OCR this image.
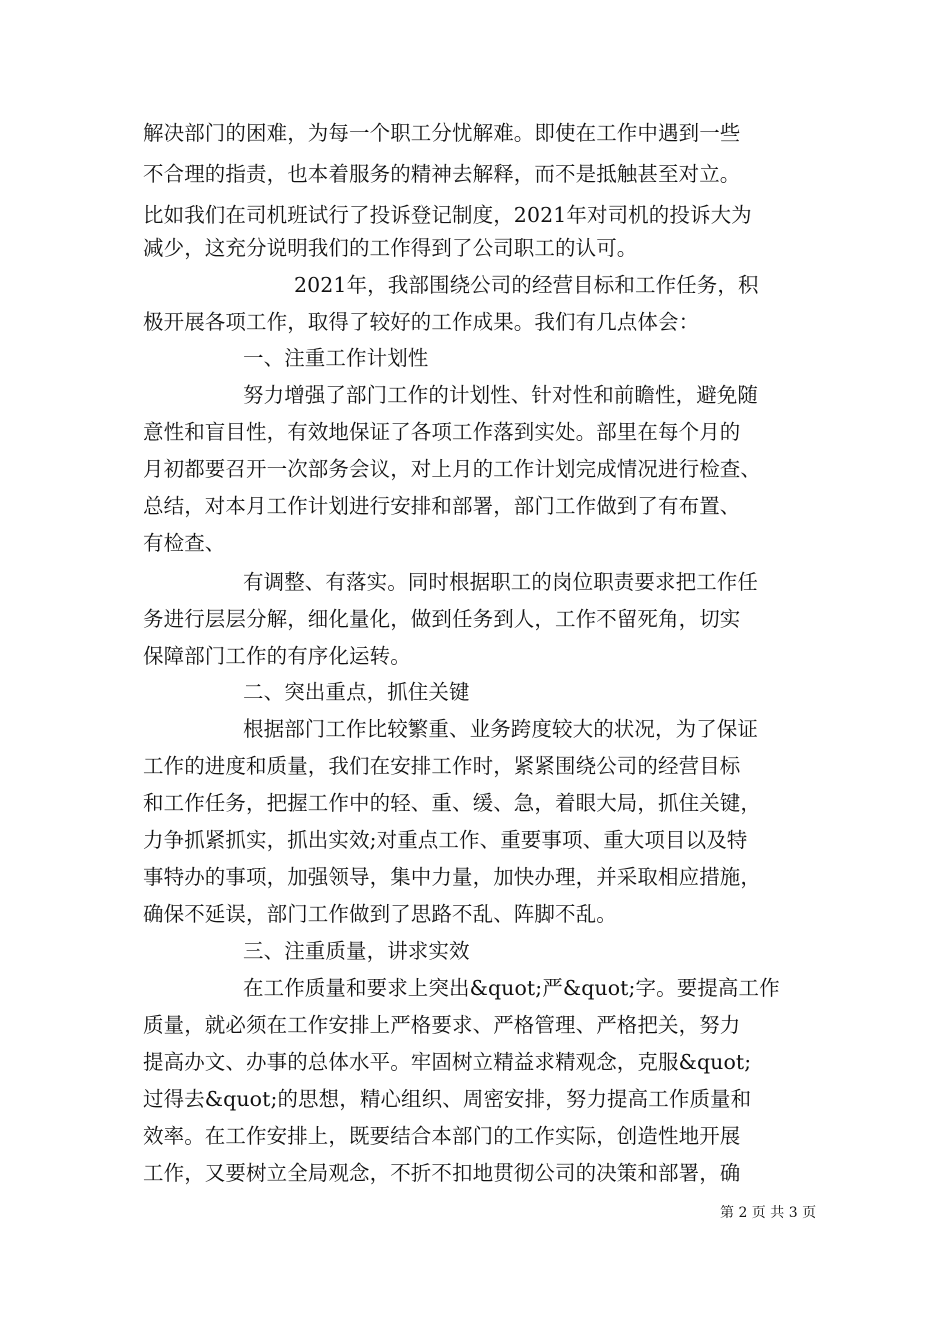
解决部门的困难，为每一个职工分忧解难。即使在工作中遇到一些
不合理的指责，也本着服务的精神去解释，而不是抵触甚至对立。
比如我们在司机班试行了投诉登记制度，2021年对司机的投诉大为
减少，这充分说明我们的工作得到了公司职工的认可。
2021年，我部围绕公司的经营目标和工作任务，积
极开展各项工作，取得了较好的工作成果。我们有几点体会：
一、注重工作计划性
努力增强了部门工作的计划性、针对性和前瞻性，避免随
意性和盲目性，有效地保证了各项工作落到实处。部里在每个月的
月初都要召开一次部务会议，对上月的工作计划完成情况进行检查、
总结，对本月工作计划进行安排和部署，部门工作做到了有布置、
有检查、
有调整、有落实。同时根据职工的岗位职责要求把工作任
务进行层层分解，细化量化，做到任务到人，工作不留死角，切实
保障部门工作的有序化运转。
二、突出重点，抓住关键
根据部门工作比较繁重、业务跨度较大的状况，为了保证
工作的进度和质量，我们在安排工作时，紧紧围绕公司的经营目标
和工作任务，把握工作中的轻、重、缓、急，着眼大局，抓住关键，
力争抓紧抓实，抓出实效;对重点工作、重要事项、重大项目以及特
事特办的事项，加强领导，集中力量，加快办理，并采取相应措施，
确保不延误，部门工作做到了思路不乱、阵脚不乱。
三、注重质量，讲求实效
在工作质量和要求上突出&quot;严&quot;字。要提高工作
质量，就必须在工作安排上严格要求、严格管理、严格把关，努力
提高办文、办事的总体水平。牢固树立精益求精观念，克服&quot;
过得去&quot;的思想，精心组织、周密安排，努力提高工作质量和
效率。在工作安排上，既要结合本部门的工作实际，创造性地开展
工作，又要树立全局观念，不折不扣地贯彻公司的决策和部署，确
第 2 页 共 3 页
